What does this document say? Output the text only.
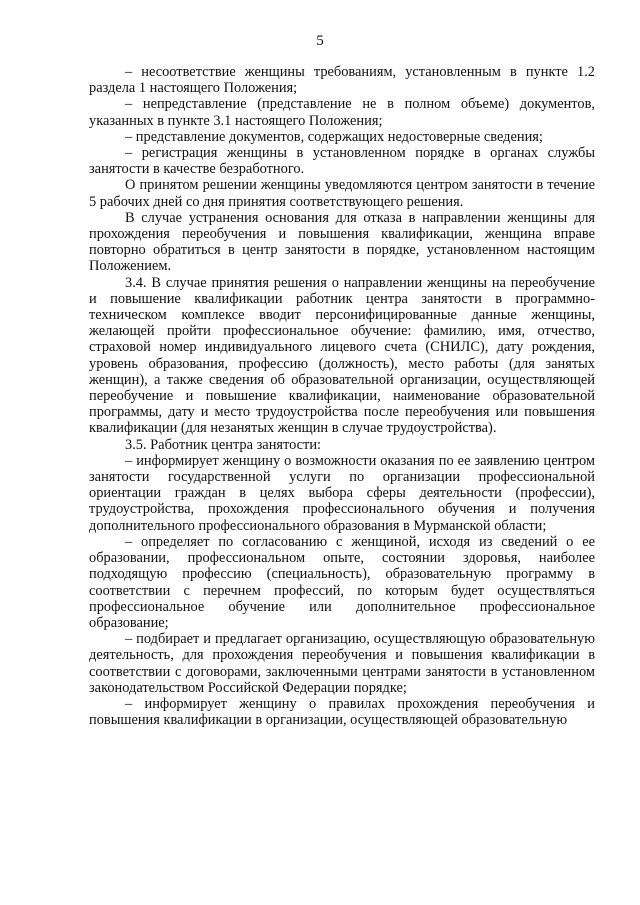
5

– несоответствие женщины требованиям, установленным в пункте 1.2 раздела 1 настоящего Положения;

– непредставление (представление не в полном объеме) документов, указанных в пункте 3.1 настоящего Положения;

– представление документов, содержащих недостоверные сведения;

– регистрация женщины в установленном порядке в органах службы занятости в качестве безработного.

О принятом решении женщины уведомляются центром занятости в течение 5 рабочих дней со дня принятия соответствующего решения.

В случае устранения основания для отказа в направлении женщины для прохождения переобучения и повышения квалификации, женщина вправе повторно обратиться в центр занятости в порядке, установленном настоящим Положением.

3.4. В случае принятия решения о направлении женщины на переобучение и повышение квалификации работник центра занятости в программно-техническом комплексе вводит персонифицированные данные женщины, желающей пройти профессиональное обучение: фамилию, имя, отчество, страховой номер индивидуального лицевого счета (СНИЛС), дату рождения, уровень образования, профессию (должность), место работы (для занятых женщин), а также сведения об образовательной организации, осуществляющей переобучение и повышение квалификации, наименование образовательной программы, дату и место трудоустройства после переобучения или повышения квалификации (для незанятых женщин в случае трудоустройства).

3.5. Работник центра занятости:

– информирует женщину о возможности оказания по ее заявлению центром занятости государственной услуги по организации профессиональной ориентации граждан в целях выбора сферы деятельности (профессии), трудоустройства, прохождения профессионального обучения и получения дополнительного профессионального образования в Мурманской области;

– определяет по согласованию с женщиной, исходя из сведений о ее образовании, профессиональном опыте, состоянии здоровья, наиболее подходящую профессию (специальность), образовательную программу в соответствии с перечнем профессий, по которым будет осуществляться профессиональное обучение или дополнительное профессиональное образование;

– подбирает и предлагает организацию, осуществляющую образовательную деятельность, для прохождения переобучения и повышения квалификации в соответствии с договорами, заключенными центрами занятости в установленном законодательством Российской Федерации порядке;

– информирует женщину о правилах прохождения переобучения и повышения квалификации в организации, осуществляющей образовательную
